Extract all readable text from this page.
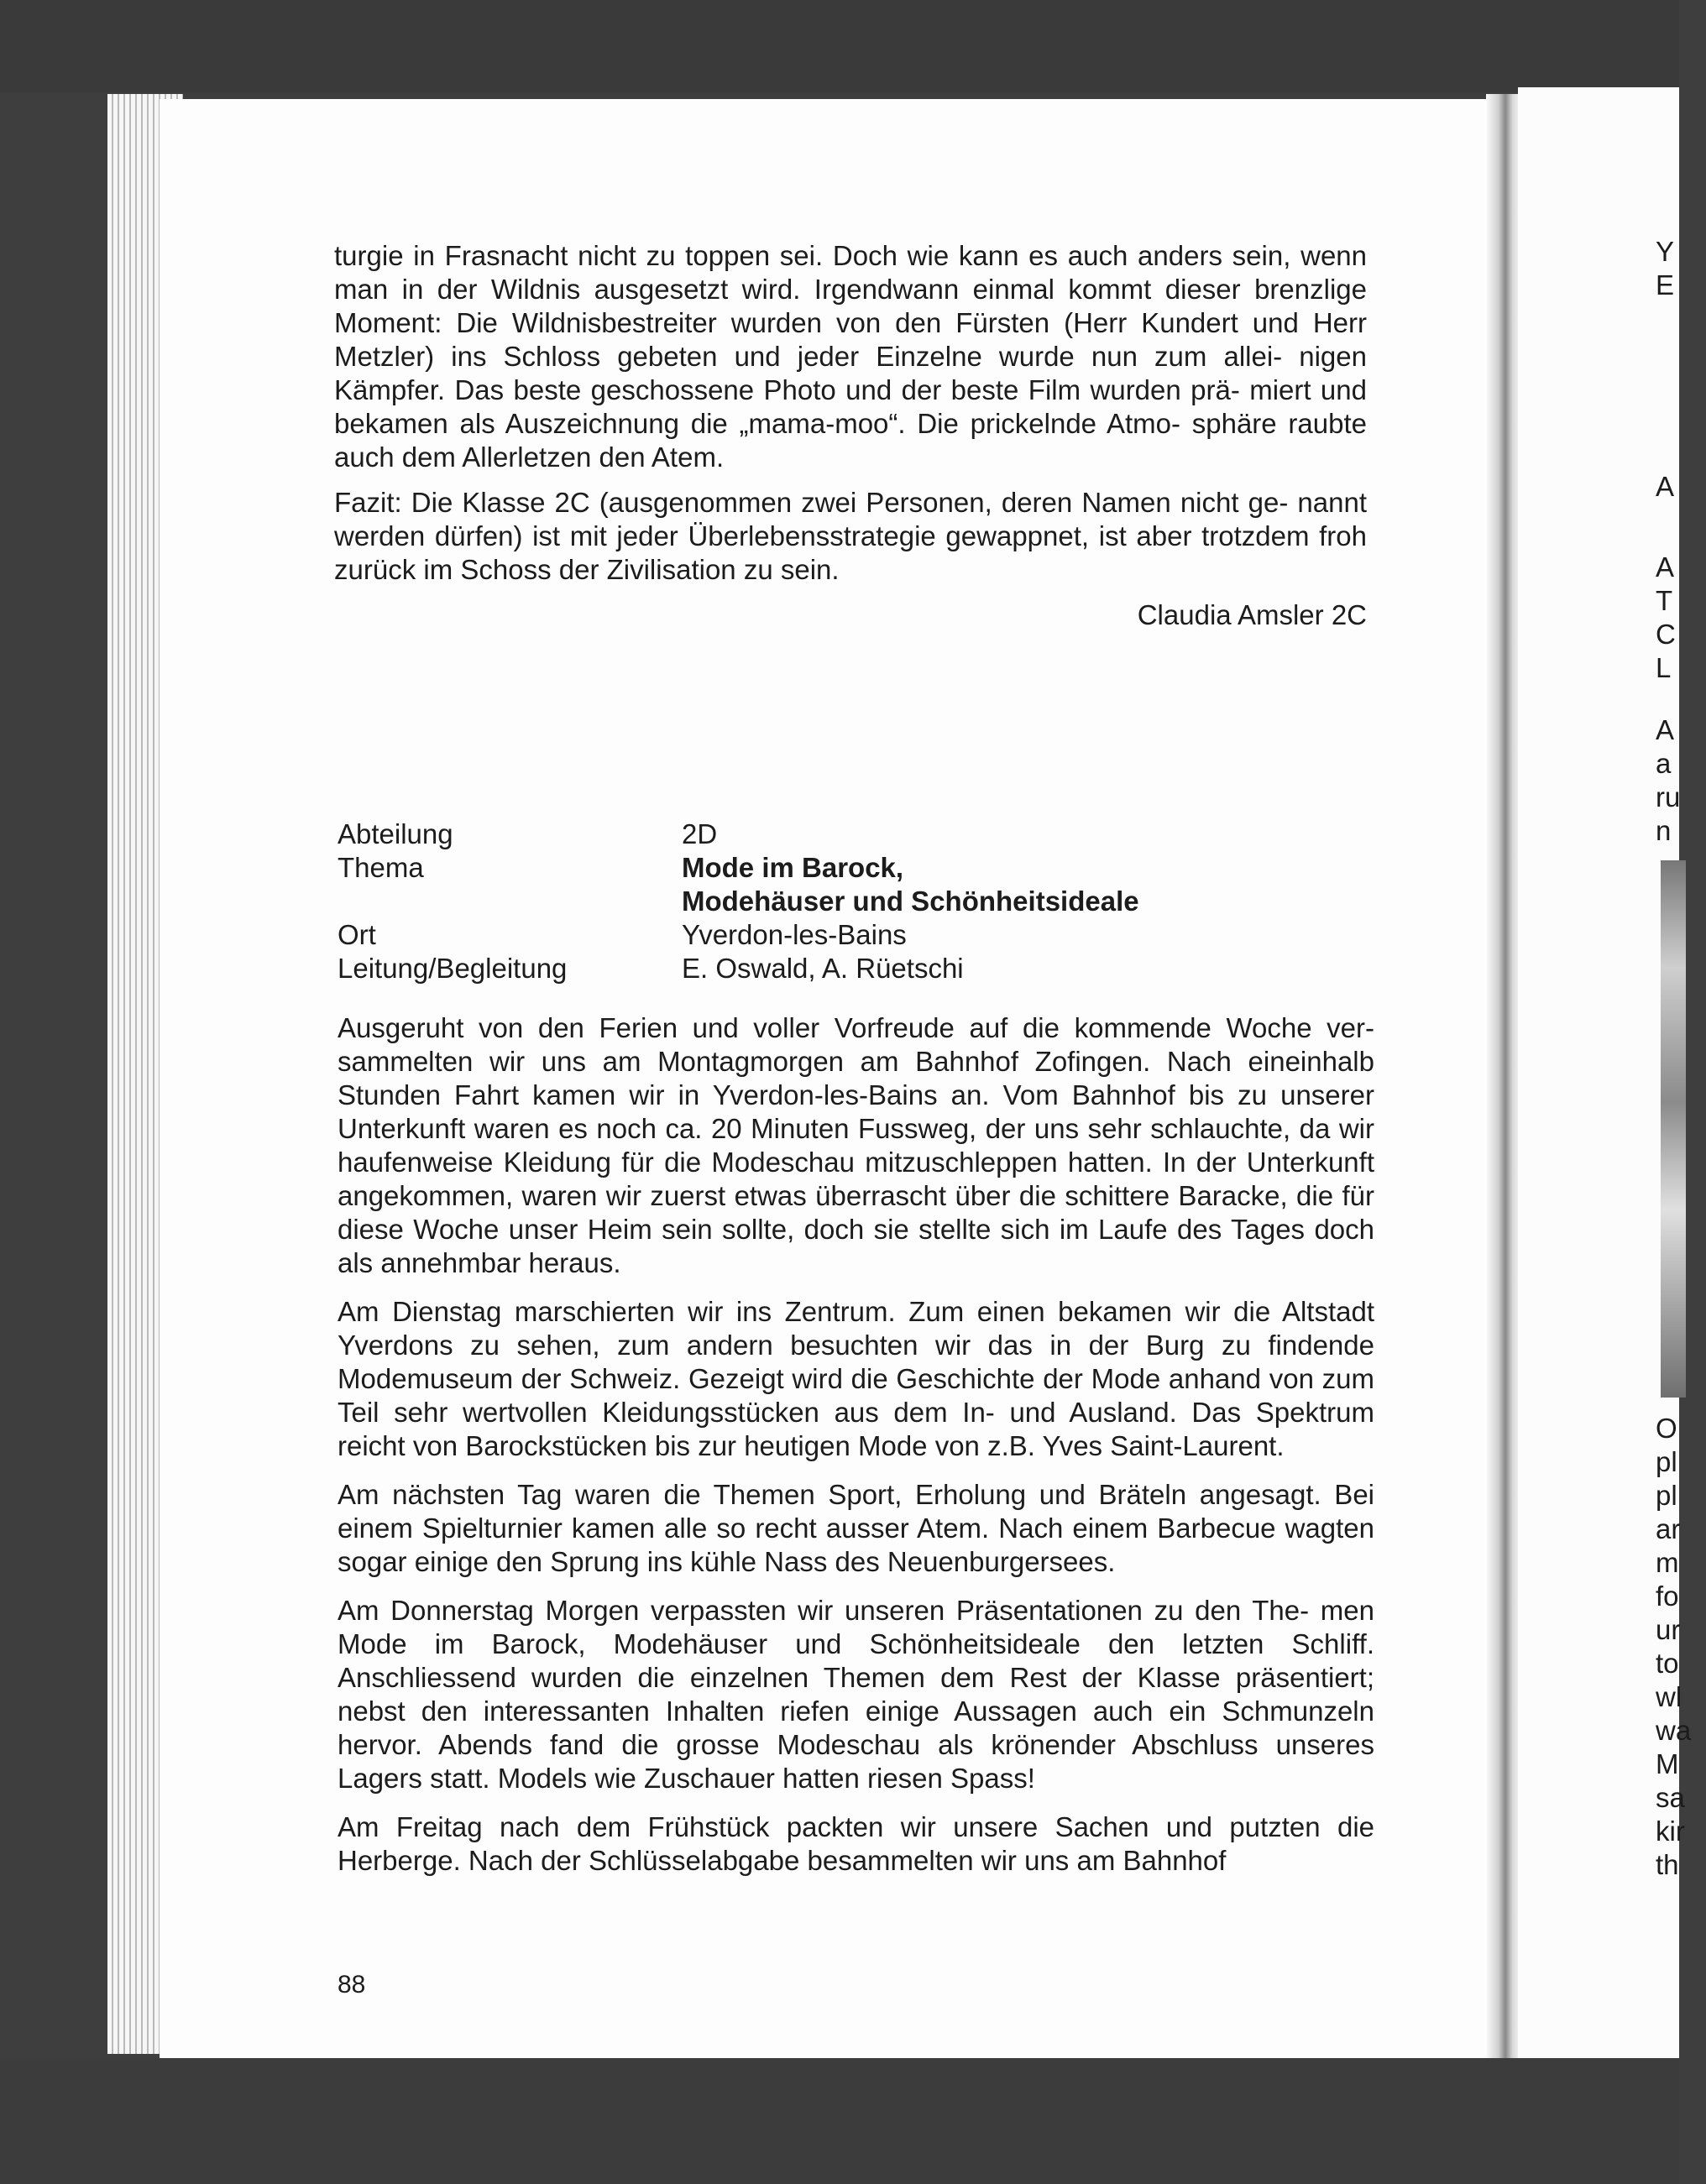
turgie in Frasnacht nicht zu toppen sei. Doch wie kann es auch anders sein, wenn man in der Wildnis ausgesetzt wird. Irgendwann einmal kommt dieser brenzlige Moment: Die Wildnisbestreiter wurden von den Fürsten (Herr Kundert und Herr Metzler) ins Schloss gebeten und jeder Einzelne wurde nun zum allei- nigen Kämpfer. Das beste geschossene Photo und der beste Film wurden prä- miert und bekamen als Auszeichnung die „mama-moo“. Die prickelnde Atmo- sphäre raubte auch dem Allerletzen den Atem.

Fazit: Die Klasse 2C (ausgenommen zwei Personen, deren Namen nicht ge- nannt werden dürfen) ist mit jeder Überlebensstrategie gewappnet, ist aber trotzdem froh zurück im Schoss der Zivilisation zu sein.

Claudia Amsler 2C
Abteilung	2D
Thema	Mode im Barock,
Modehäuser und Schönheitsideale
Ort	Yverdon-les-Bains
Leitung/Begleitung	E. Oswald, A. Rüetschi

Ausgeruht von den Ferien und voller Vorfreude auf die kommende Woche ver- sammelten wir uns am Montagmorgen am Bahnhof Zofingen. Nach eineinhalb Stunden Fahrt kamen wir in Yverdon-les-Bains an. Vom Bahnhof bis zu unserer Unterkunft waren es noch ca. 20 Minuten Fussweg, der uns sehr schlauchte, da wir haufenweise Kleidung für die Modeschau mitzuschleppen hatten. In der Unterkunft angekommen, waren wir zuerst etwas überrascht über die schittere Baracke, die für diese Woche unser Heim sein sollte, doch sie stellte sich im Laufe des Tages doch als annehmbar heraus.

Am Dienstag marschierten wir ins Zentrum. Zum einen bekamen wir die Altstadt Yverdons zu sehen, zum andern besuchten wir das in der Burg zu findende Modemuseum der Schweiz. Gezeigt wird die Geschichte der Mode anhand von zum Teil sehr wertvollen Kleidungsstücken aus dem In- und Ausland. Das Spektrum reicht von Barockstücken bis zur heutigen Mode von z.B. Yves Saint-Laurent.

Am nächsten Tag waren die Themen Sport, Erholung und Bräteln angesagt. Bei einem Spielturnier kamen alle so recht ausser Atem. Nach einem Barbecue wagten sogar einige den Sprung ins kühle Nass des Neuenburgersees.

Am Donnerstag Morgen verpassten wir unseren Präsentationen zu den The- men Mode im Barock, Modehäuser und Schönheitsideale den letzten Schliff. Anschliessend wurden die einzelnen Themen dem Rest der Klasse präsentiert; nebst den interessanten Inhalten riefen einige Aussagen auch ein Schmunzeln hervor. Abends fand die grosse Modeschau als krönender Abschluss unseres Lagers statt. Models wie Zuschauer hatten riesen Spass!

Am Freitag nach dem Frühstück packten wir unsere Sachen und putzten die Herberge. Nach der Schlüsselabgabe besammelten wir uns am Bahnhof

88
Y
E
A
A
T
C
L
A
a
ru
n
O
pl
pl
ar
m
fo
ur
to
wl
wa
M
sa
kir
th
